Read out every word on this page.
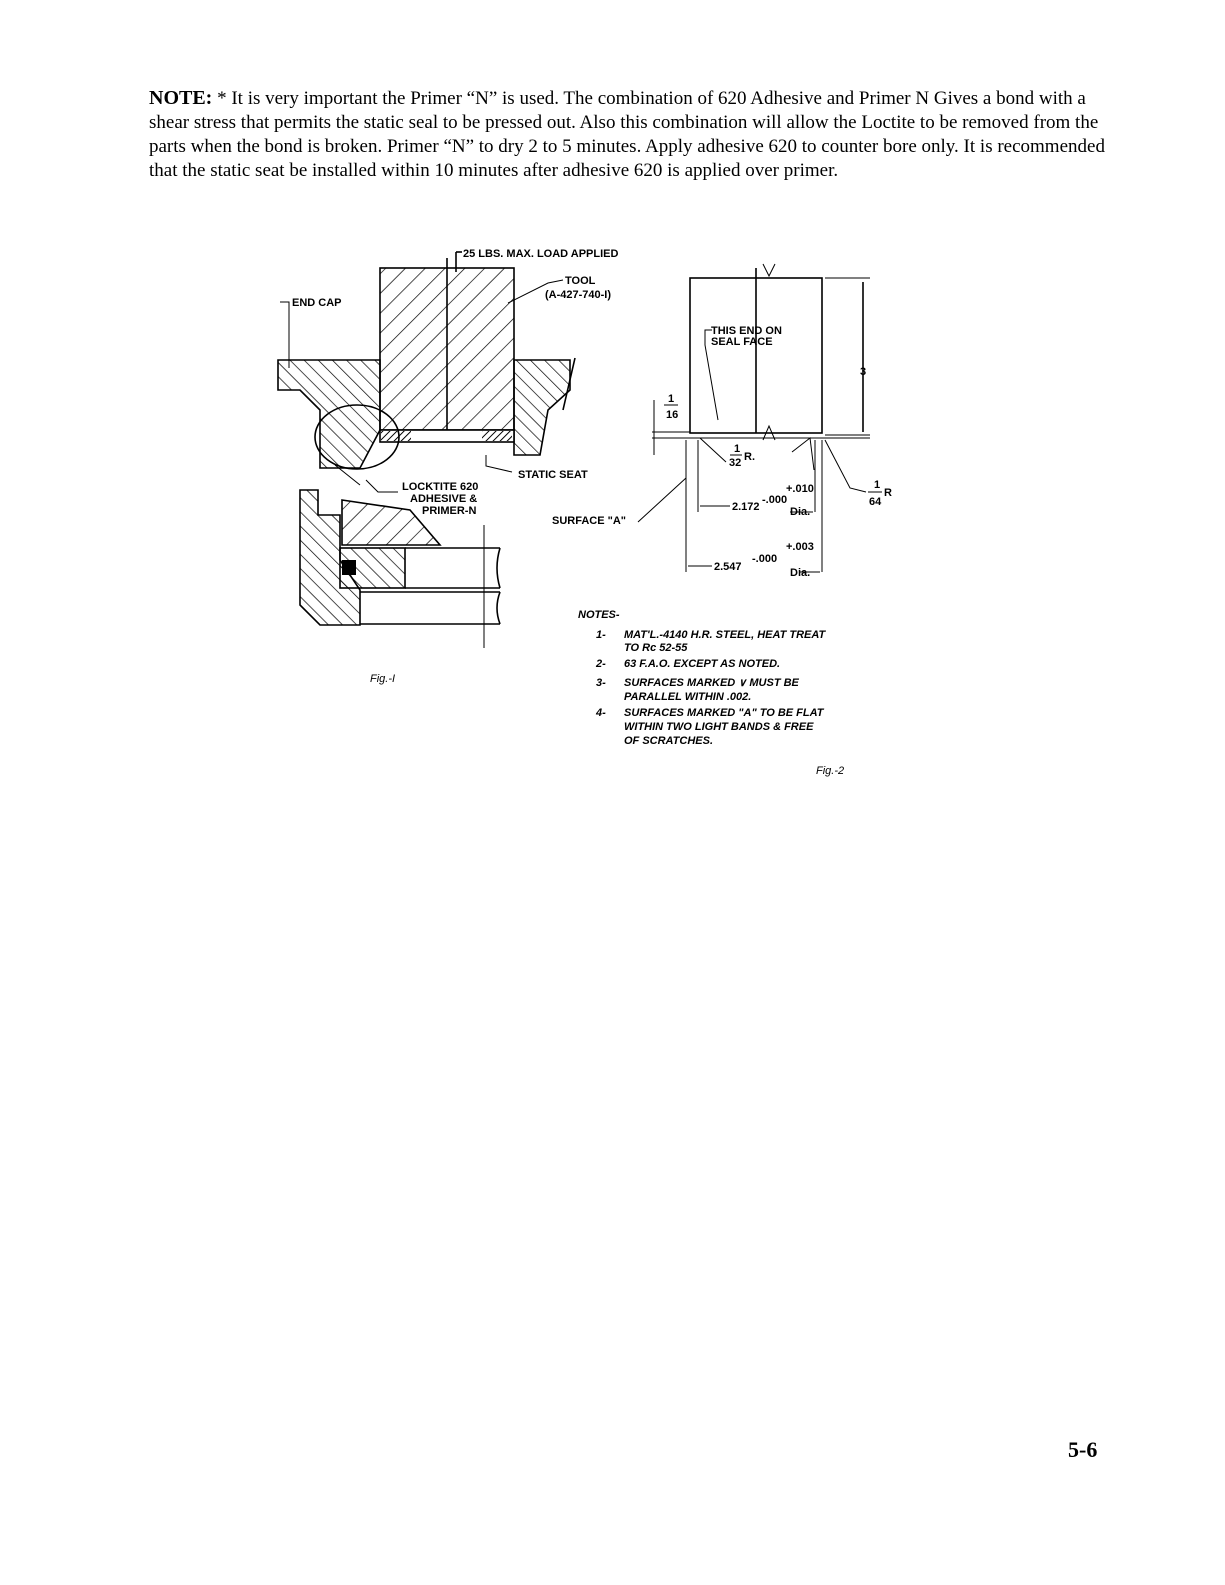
NOTE: * It is very important the Primer “N” is used. The combination of 620 Adhesive and Primer N Gives a bond with a shear stress that permits the static seal to be pressed out. Also this combination will allow the Loctite to be removed from the parts when the bond is broken. Primer “N” to dry 2 to 5 minutes. Apply adhesive 620 to counter bore only. It is recommended that the static seat be installed within 10 minutes after adhesive 620 is applied over primer.
25 LBS. MAX. LOAD APPLIED
TOOL
(A-427-740-I)
END CAP
STATIC SEAT
LOCKTITE 620
ADHESIVE &
PRIMER-N
Fig.-I
THIS END ON
SEAL FACE
3
1
16
1
32 R.
1
64
R
+.010
2.172
-.000
Dia.
+.003
2.547
-.000
Dia.
SURFACE "A"
Fig.-2
NOTES-
1- MAT'L.-4140 H.R. STEEL, HEAT TREAT
TO Rc 52-55
2- 63 F.A.O. EXCEPT AS NOTED.
3- SURFACES MARKED ∨ MUST BE
PARALLEL WITHIN .002.
4- SURFACES MARKED "A" TO BE FLAT
WITHIN TWO LIGHT BANDS & FREE
OF SCRATCHES.
5-6
